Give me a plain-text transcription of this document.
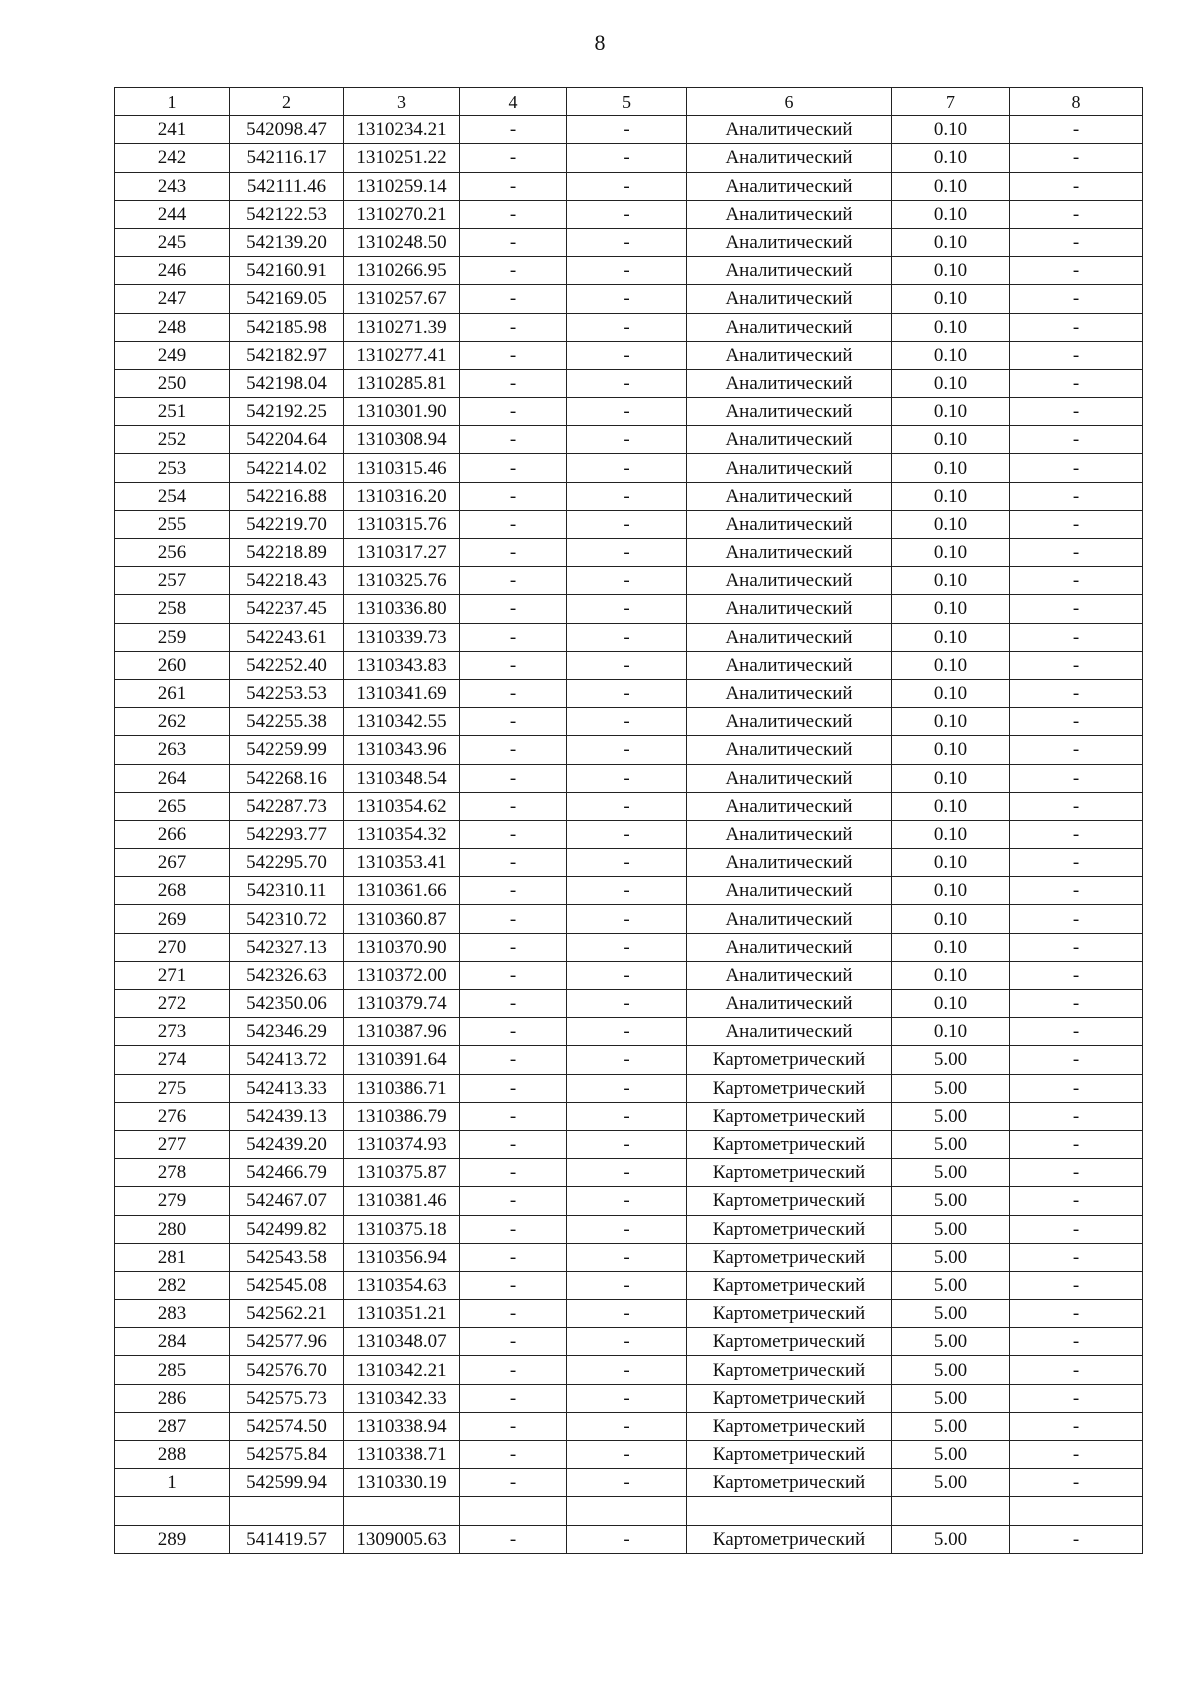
8
1	2	3	4	5	6	7	8
241	542098.47	1310234.21	-	-	Аналитический	0.10	-
242	542116.17	1310251.22	-	-	Аналитический	0.10	-
243	542111.46	1310259.14	-	-	Аналитический	0.10	-
244	542122.53	1310270.21	-	-	Аналитический	0.10	-
245	542139.20	1310248.50	-	-	Аналитический	0.10	-
246	542160.91	1310266.95	-	-	Аналитический	0.10	-
247	542169.05	1310257.67	-	-	Аналитический	0.10	-
248	542185.98	1310271.39	-	-	Аналитический	0.10	-
249	542182.97	1310277.41	-	-	Аналитический	0.10	-
250	542198.04	1310285.81	-	-	Аналитический	0.10	-
251	542192.25	1310301.90	-	-	Аналитический	0.10	-
252	542204.64	1310308.94	-	-	Аналитический	0.10	-
253	542214.02	1310315.46	-	-	Аналитический	0.10	-
254	542216.88	1310316.20	-	-	Аналитический	0.10	-
255	542219.70	1310315.76	-	-	Аналитический	0.10	-
256	542218.89	1310317.27	-	-	Аналитический	0.10	-
257	542218.43	1310325.76	-	-	Аналитический	0.10	-
258	542237.45	1310336.80	-	-	Аналитический	0.10	-
259	542243.61	1310339.73	-	-	Аналитический	0.10	-
260	542252.40	1310343.83	-	-	Аналитический	0.10	-
261	542253.53	1310341.69	-	-	Аналитический	0.10	-
262	542255.38	1310342.55	-	-	Аналитический	0.10	-
263	542259.99	1310343.96	-	-	Аналитический	0.10	-
264	542268.16	1310348.54	-	-	Аналитический	0.10	-
265	542287.73	1310354.62	-	-	Аналитический	0.10	-
266	542293.77	1310354.32	-	-	Аналитический	0.10	-
267	542295.70	1310353.41	-	-	Аналитический	0.10	-
268	542310.11	1310361.66	-	-	Аналитический	0.10	-
269	542310.72	1310360.87	-	-	Аналитический	0.10	-
270	542327.13	1310370.90	-	-	Аналитический	0.10	-
271	542326.63	1310372.00	-	-	Аналитический	0.10	-
272	542350.06	1310379.74	-	-	Аналитический	0.10	-
273	542346.29	1310387.96	-	-	Аналитический	0.10	-
274	542413.72	1310391.64	-	-	Картометрический	5.00	-
275	542413.33	1310386.71	-	-	Картометрический	5.00	-
276	542439.13	1310386.79	-	-	Картометрический	5.00	-
277	542439.20	1310374.93	-	-	Картометрический	5.00	-
278	542466.79	1310375.87	-	-	Картометрический	5.00	-
279	542467.07	1310381.46	-	-	Картометрический	5.00	-
280	542499.82	1310375.18	-	-	Картометрический	5.00	-
281	542543.58	1310356.94	-	-	Картометрический	5.00	-
282	542545.08	1310354.63	-	-	Картометрический	5.00	-
283	542562.21	1310351.21	-	-	Картометрический	5.00	-
284	542577.96	1310348.07	-	-	Картометрический	5.00	-
285	542576.70	1310342.21	-	-	Картометрический	5.00	-
286	542575.73	1310342.33	-	-	Картометрический	5.00	-
287	542574.50	1310338.94	-	-	Картометрический	5.00	-
288	542575.84	1310338.71	-	-	Картометрический	5.00	-
1	542599.94	1310330.19	-	-	Картометрический	5.00	-

289	541419.57	1309005.63	-	-	Картометрический	5.00	-
